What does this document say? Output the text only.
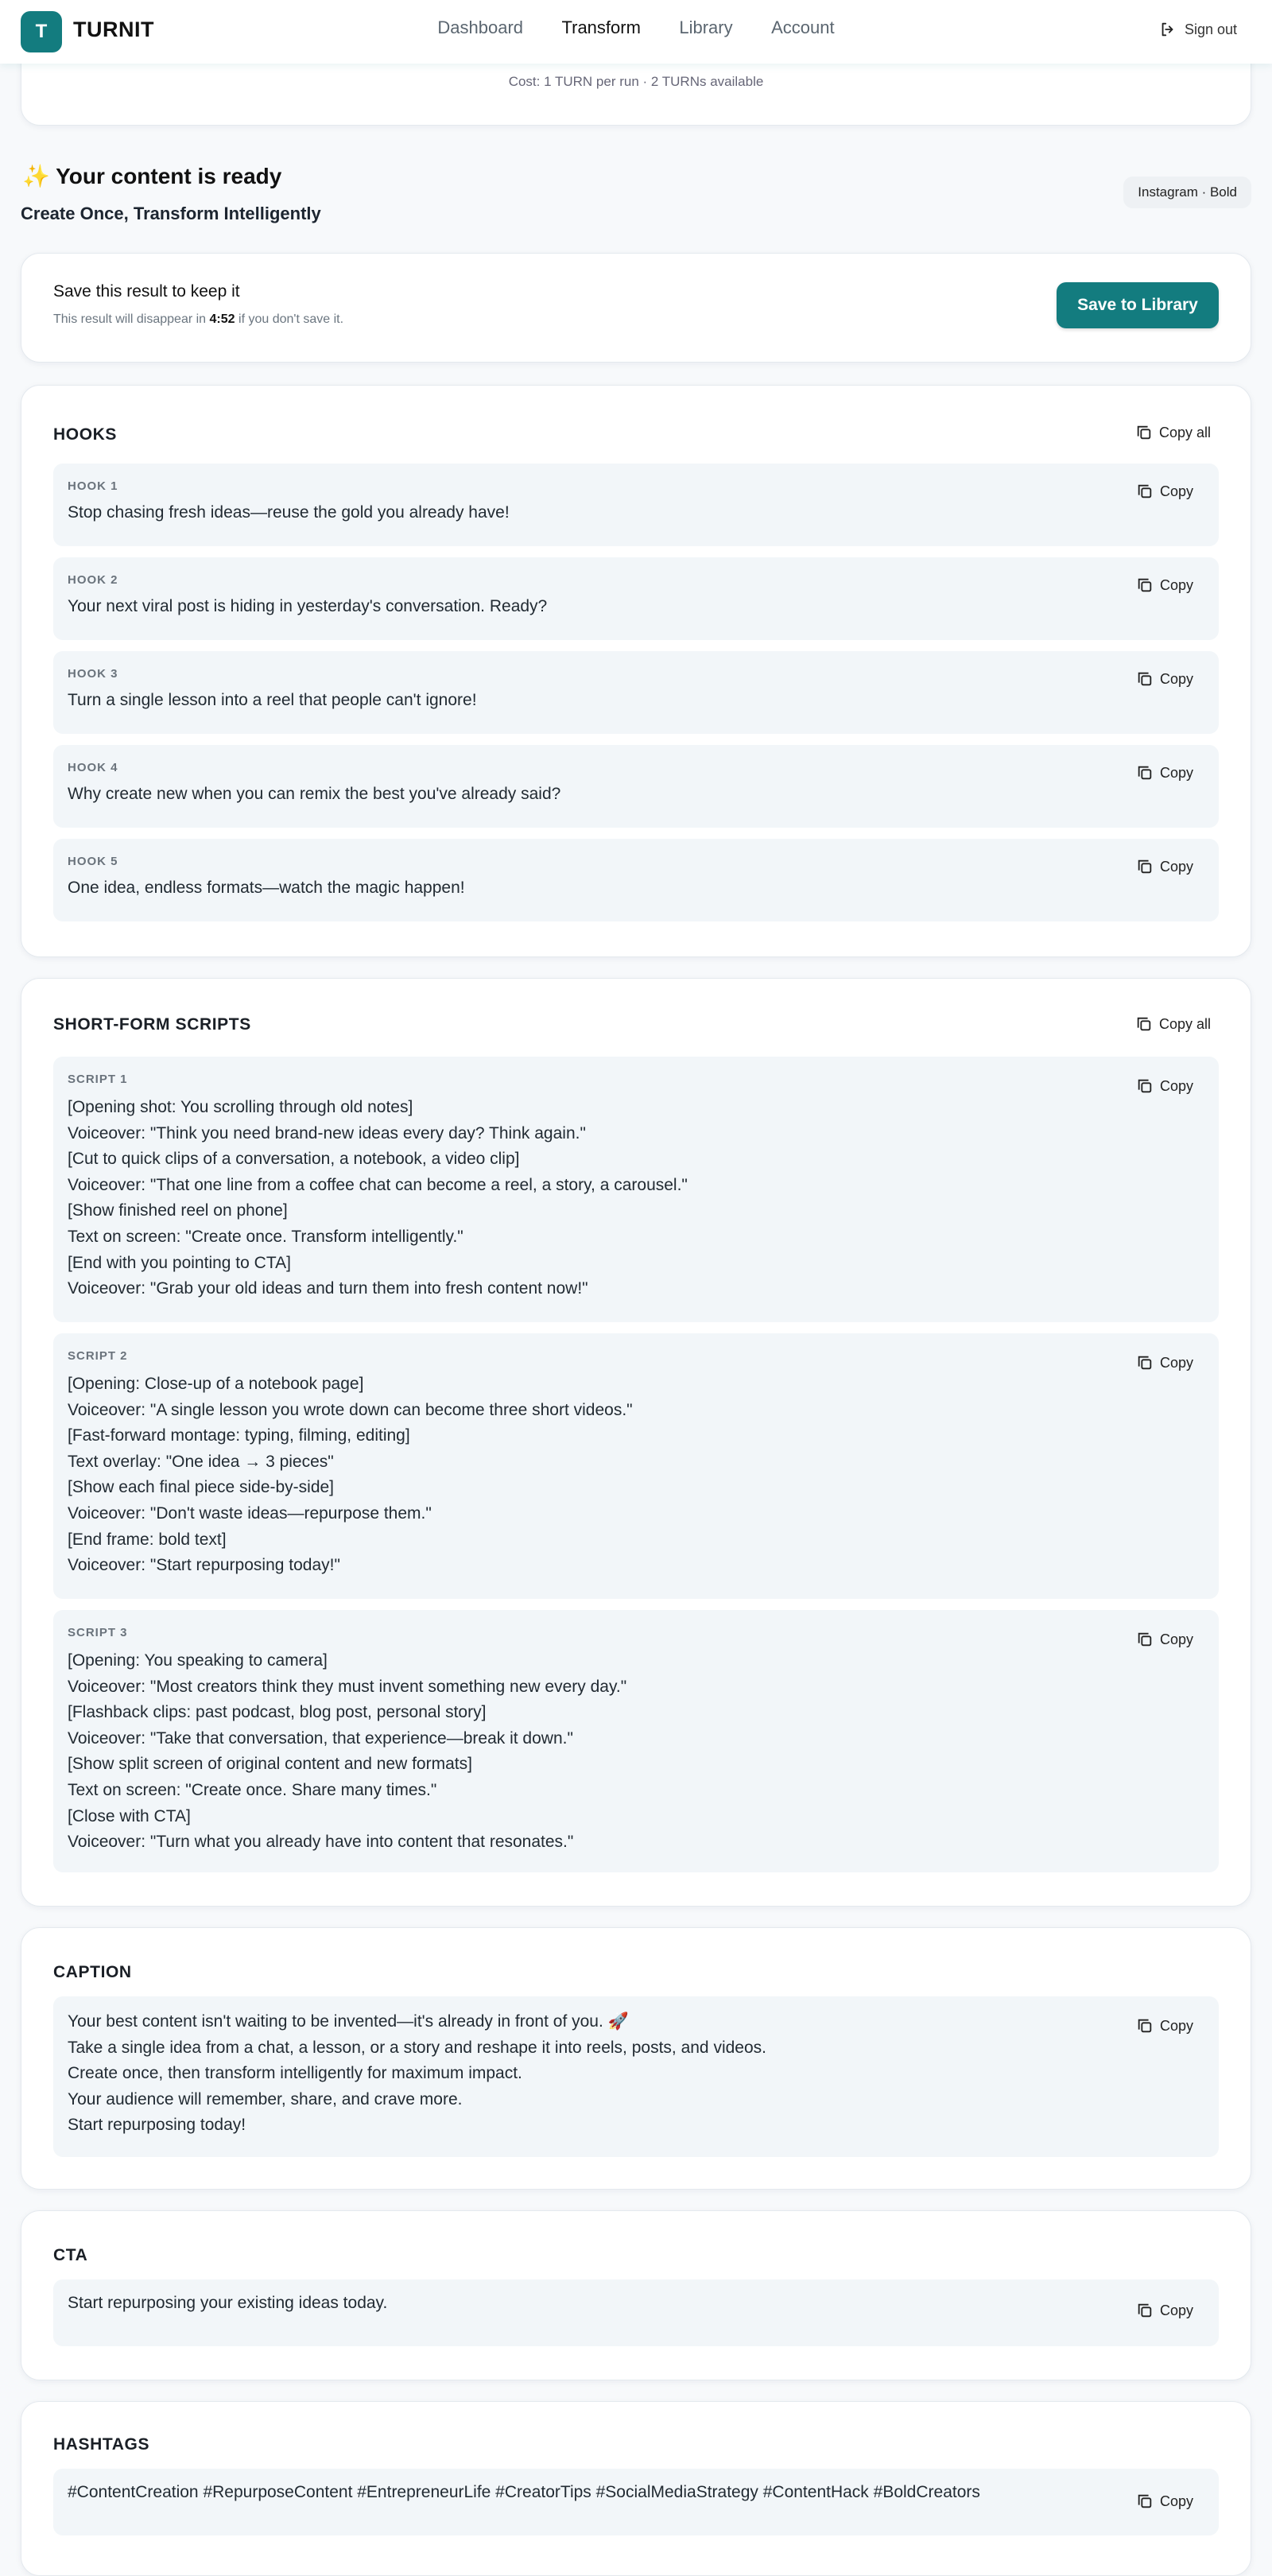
T	TURNIT	Dashboard Transform Library Account	Sign out
Cost: 1 TURN per run · 2 TURNs available
✨ Your content is ready
Create Once, Transform Intelligently
Instagram · Bold
Save this result to keep it
This result will disappear in 4:52 if you don't save it.
Save to Library
HOOKS	Copy all
HOOK 1
Stop chasing fresh ideas—reuse the gold you already have!
Copy
HOOK 2
Your next viral post is hiding in yesterday's conversation. Ready?
Copy
HOOK 3
Turn a single lesson into a reel that people can't ignore!
Copy
HOOK 4
Why create new when you can remix the best you've already said?
Copy
HOOK 5
One idea, endless formats—watch the magic happen!
Copy
SHORT-FORM SCRIPTS	Copy all
SCRIPT 1
[Opening shot: You scrolling through old notes]
Voiceover: "Think you need brand-new ideas every day? Think again."
[Cut to quick clips of a conversation, a notebook, a video clip]
Voiceover: "That one line from a coffee chat can become a reel, a story, a carousel."
[Show finished reel on phone]
Text on screen: "Create once. Transform intelligently."
[End with you pointing to CTA]
Voiceover: "Grab your old ideas and turn them into fresh content now!"
Copy
SCRIPT 2
[Opening: Close-up of a notebook page]
Voiceover: "A single lesson you wrote down can become three short videos."
[Fast-forward montage: typing, filming, editing]
Text overlay: "One idea → 3 pieces"
[Show each final piece side-by-side]
Voiceover: "Don't waste ideas—repurpose them."
[End frame: bold text]
Voiceover: "Start repurposing today!"
Copy
SCRIPT 3
[Opening: You speaking to camera]
Voiceover: "Most creators think they must invent something new every day."
[Flashback clips: past podcast, blog post, personal story]
Voiceover: "Take that conversation, that experience—break it down."
[Show split screen of original content and new formats]
Text on screen: "Create once. Share many times."
[Close with CTA]
Voiceover: "Turn what you already have into content that resonates."
Copy
CAPTION
Your best content isn't waiting to be invented—it's already in front of you. 🚀
Take a single idea from a chat, a lesson, or a story and reshape it into reels, posts, and videos.
Create once, then transform intelligently for maximum impact.
Your audience will remember, share, and crave more.
Start repurposing today!
Copy
CTA
Start repurposing your existing ideas today.	Copy
HASHTAGS
#ContentCreation #RepurposeContent #EntrepreneurLife #CreatorTips #SocialMediaStrategy #ContentHack #BoldCreators	Copy
